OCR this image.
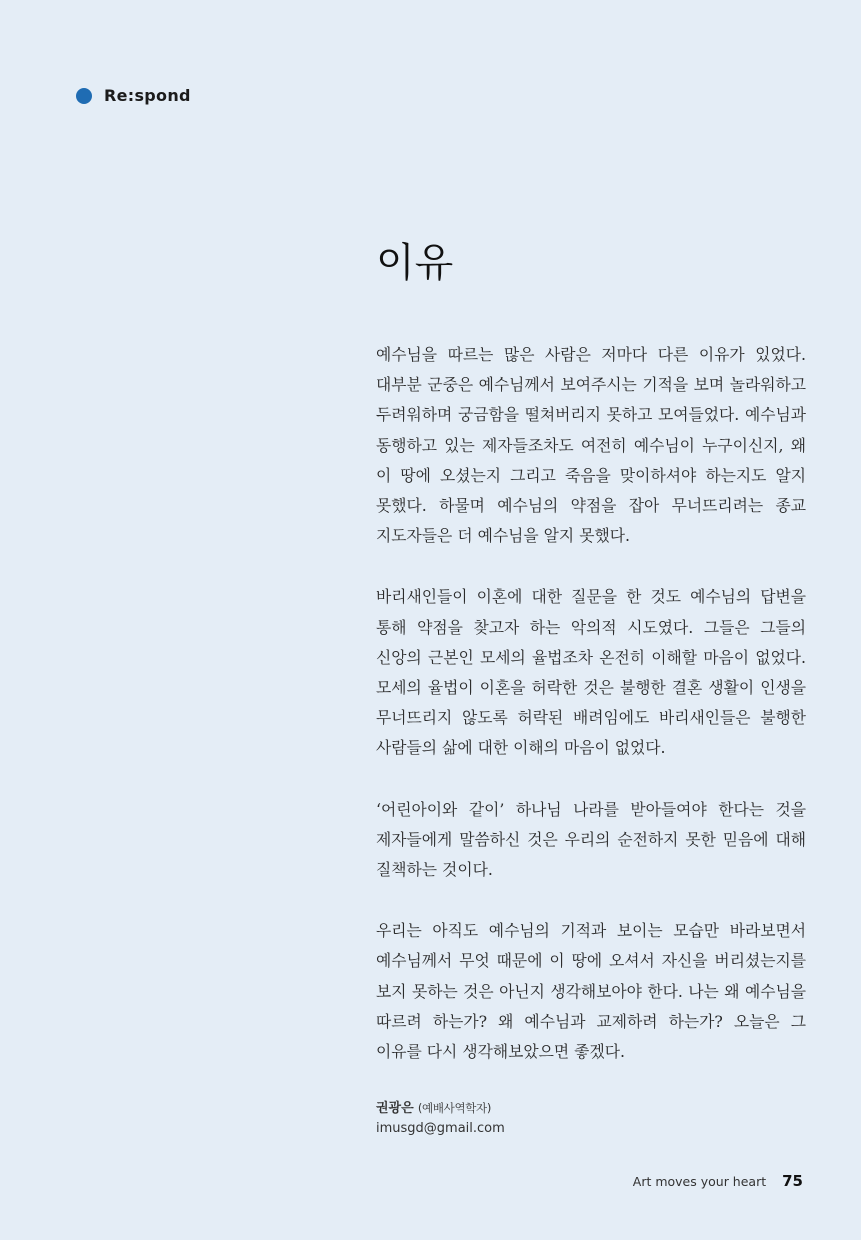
Re:spond
이유

예수님을 따르는 많은 사람은 저마다 다른 이유가 있었다. 대부분 군중은 예수님께서 보여주시는 기적을 보며 놀라워하고 두려워하며 궁금함을 떨쳐버리지 못하고 모여들었다. 예수님과 동행하고 있는 제자들조차도 여전히 예수님이 누구이신지, 왜 이 땅에 오셨는지 그리고 죽음을 맞이하셔야 하는지도 알지 못했다. 하물며 예수님의 약점을 잡아 무너뜨리려는 종교 지도자들은 더 예수님을 알지 못했다.

바리새인들이 이혼에 대한 질문을 한 것도 예수님의 답변을 통해 약점을 찾고자 하는 악의적 시도였다. 그들은 그들의 신앙의 근본인 모세의 율법조차 온전히 이해할 마음이 없었다. 모세의 율법이 이혼을 허락한 것은 불행한 결혼 생활이 인생을 무너뜨리지 않도록 허락된 배려임에도 바리새인들은 불행한 사람들의 삶에 대한 이해의 마음이 없었다.

‘어린아이와 같이’ 하나님 나라를 받아들여야 한다는 것을 제자들에게 말씀하신 것은 우리의 순전하지 못한 믿음에 대해 질책하는 것이다.

우리는 아직도 예수님의 기적과 보이는 모습만 바라보면서 예수님께서 무엇 때문에 이 땅에 오셔서 자신을 버리셨는지를 보지 못하는 것은 아닌지 생각해보아야 한다. 나는 왜 예수님을 따르려 하는가? 왜 예수님과 교제하려 하는가? 오늘은 그 이유를 다시 생각해보았으면 좋겠다.

권광은 (예배사역학자)
imusgd@gmail.com
Art moves your heart 75
